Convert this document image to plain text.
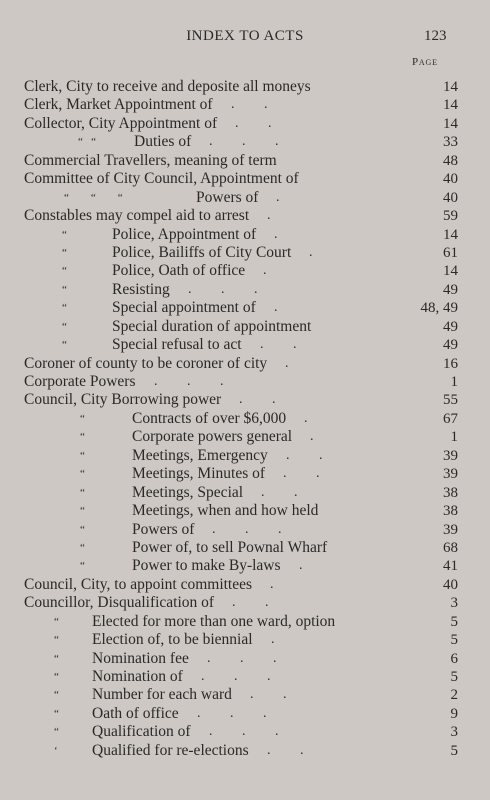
INDEX TO ACTS	123
Page
Clerk, City to receive and deposite all moneys	14
Clerk, Market Appointment of . .	14
Collector, City Appointment of . .	14
“   “ Duties of . . .	33
Commercial Travellers, meaning of term	48
Committee of City Council, Appointment of	40
“        “        “	Powers of .	40
Constables may compel aid to arrest .	59
“	Police, Appointment of .	14
“	Police, Bailiffs of City Court .	61
“	Police, Oath of office .	14
“	Resisting . . .	49
“	Special appointment of .	48, 49
“	Special duration of appointment	49
“	Special refusal to act . .	49
Coroner of county to be coroner of city .	16
Corporate Powers . . .	1
Council, City Borrowing power . .	55
“	Contracts of over $6,000 .	67
“	Corporate powers general .	1
“	Meetings, Emergency . .	39
“	Meetings, Minutes of . .	39
“	Meetings, Special . .	38
“	Meetings, when and how held	38
“	Powers of . . .	39
“	Power of, to sell Pownal Wharf	68
“	Power to make By-laws .	41
Council, City, to appoint committees .	40
Councillor, Disqualification of . .	3
“ Elected for more than one ward, option	5
“ Election of, to be biennial .	5
“ Nomination fee . . .	6
“ Nomination of . . .	5
“ Number for each ward . .	2
“ Oath of office . . .	9
“ Qualification of . . .	3
‘ Qualified for re-elections . .	5
